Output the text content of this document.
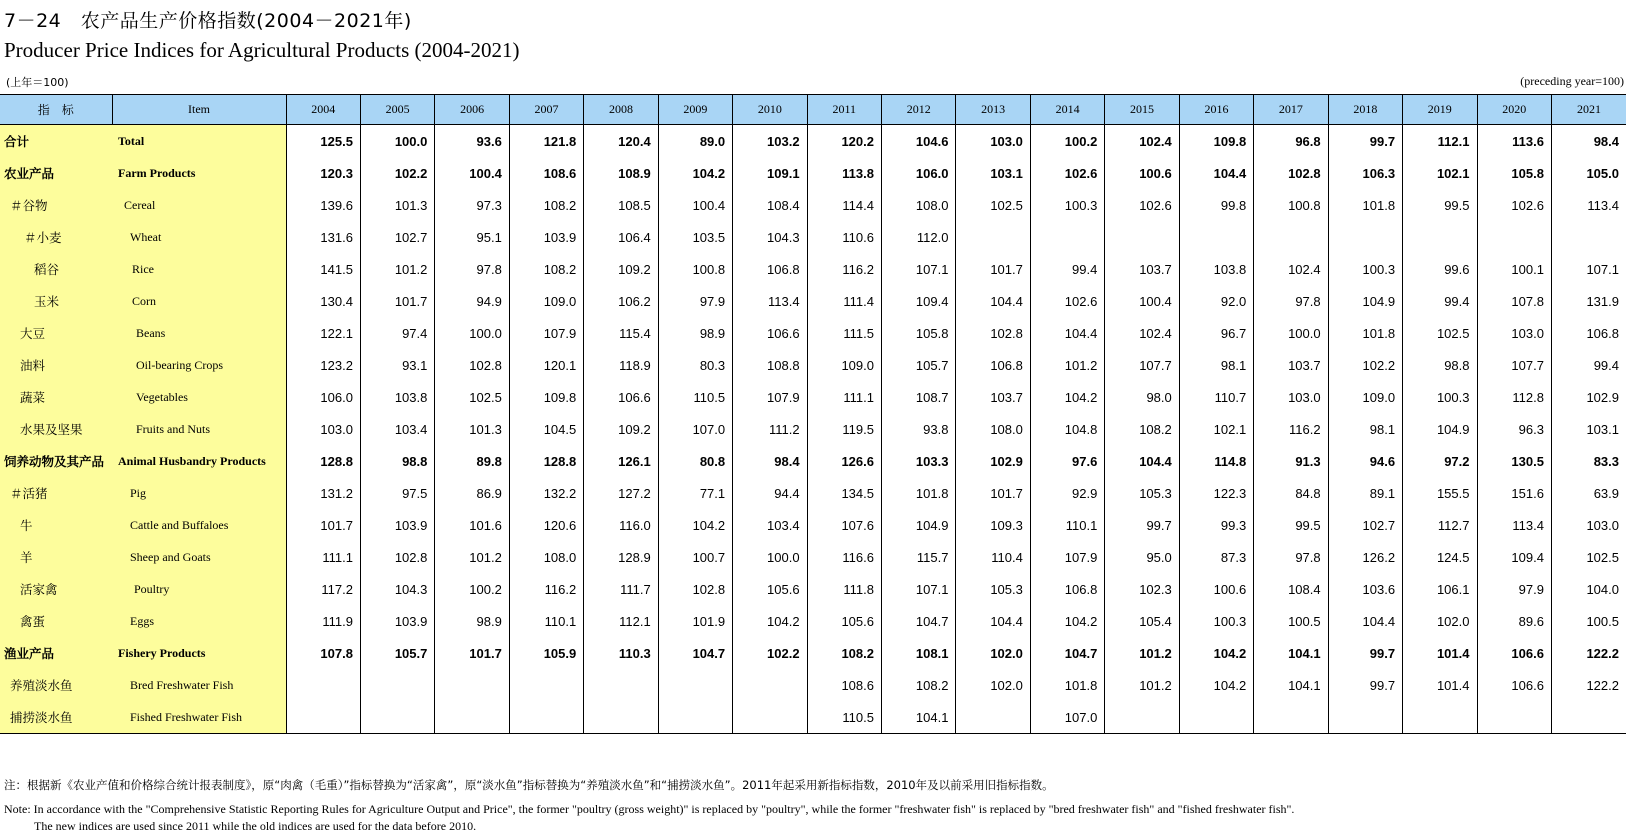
7－24　农产品生产价格指数(2004－2021年)
Producer Price Indices for Agricultural Products (2004-2021)
(上年＝100)	(preceding year=100)
指　标	Item	2004	2005	2006	2007	2008	2009	2010	2011	2012	2013	2014	2015	2016	2017	2018	2019	2020	2021
合计	Total	125.5	100.0	93.6	121.8	120.4	89.0	103.2	120.2	104.6	103.0	100.2	102.4	109.8	96.8	99.7	112.1	113.6	98.4
农业产品	Farm Products	120.3	102.2	100.4	108.6	108.9	104.2	109.1	113.8	106.0	103.1	102.6	100.6	104.4	102.8	106.3	102.1	105.8	105.0
＃谷物	Cereal	139.6	101.3	97.3	108.2	108.5	100.4	108.4	114.4	108.0	102.5	100.3	102.6	99.8	100.8	101.8	99.5	102.6	113.4
＃小麦	Wheat	131.6	102.7	95.1	103.9	106.4	103.5	104.3	110.6	112.0									
稻谷	Rice	141.5	101.2	97.8	108.2	109.2	100.8	106.8	116.2	107.1	101.7	99.4	103.7	103.8	102.4	100.3	99.6	100.1	107.1
玉米	Corn	130.4	101.7	94.9	109.0	106.2	97.9	113.4	111.4	109.4	104.4	102.6	100.4	92.0	97.8	104.9	99.4	107.8	131.9
大豆	Beans	122.1	97.4	100.0	107.9	115.4	98.9	106.6	111.5	105.8	102.8	104.4	102.4	96.7	100.0	101.8	102.5	103.0	106.8
油料	Oil-bearing Crops	123.2	93.1	102.8	120.1	118.9	80.3	108.8	109.0	105.7	106.8	101.2	107.7	98.1	103.7	102.2	98.8	107.7	99.4
蔬菜	Vegetables	106.0	103.8	102.5	109.8	106.6	110.5	107.9	111.1	108.7	103.7	104.2	98.0	110.7	103.0	109.0	100.3	112.8	102.9
水果及坚果	Fruits and Nuts	103.0	103.4	101.3	104.5	109.2	107.0	111.2	119.5	93.8	108.0	104.8	108.2	102.1	116.2	98.1	104.9	96.3	103.1
饲养动物及其产品	Animal Husbandry Products	128.8	98.8	89.8	128.8	126.1	80.8	98.4	126.6	103.3	102.9	97.6	104.4	114.8	91.3	94.6	97.2	130.5	83.3
＃活猪	Pig	131.2	97.5	86.9	132.2	127.2	77.1	94.4	134.5	101.8	101.7	92.9	105.3	122.3	84.8	89.1	155.5	151.6	63.9
牛	Cattle and Buffaloes	101.7	103.9	101.6	120.6	116.0	104.2	103.4	107.6	104.9	109.3	110.1	99.7	99.3	99.5	102.7	112.7	113.4	103.0
羊	Sheep and Goats	111.1	102.8	101.2	108.0	128.9	100.7	100.0	116.6	115.7	110.4	107.9	95.0	87.3	97.8	126.2	124.5	109.4	102.5
活家禽	Poultry	117.2	104.3	100.2	116.2	111.7	102.8	105.6	111.8	107.1	105.3	106.8	102.3	100.6	108.4	103.6	106.1	97.9	104.0
禽蛋	Eggs	111.9	103.9	98.9	110.1	112.1	101.9	104.2	105.6	104.7	104.4	104.2	105.4	100.3	100.5	104.4	102.0	89.6	100.5
渔业产品	Fishery Products	107.8	105.7	101.7	105.9	110.3	104.7	102.2	108.2	108.1	102.0	104.7	101.2	104.2	104.1	99.7	101.4	106.6	122.2
养殖淡水鱼	Bred Freshwater Fish								108.6	108.2	102.0	101.8	101.2	104.2	104.1	99.7	101.4	106.6	122.2
捕捞淡水鱼	Fished Freshwater Fish								110.5	104.1		107.0							
注：根据新《农业产值和价格综合统计报表制度》，原“肉禽（毛重）”指标替换为“活家禽”，原“淡水鱼”指标替换为“养殖淡水鱼”和“捕捞淡水鱼”。2011年起采用新指标指数，2010年及以前采用旧指标指数。
Note: In accordance with the "Comprehensive Statistic Reporting Rules for Agriculture Output and Price", the former "poultry (gross weight)" is replaced by "poultry", while the former "freshwater fish" is replaced by "bred freshwater fish" and "fished freshwater fish".
The new indices are used since 2011 while the old indices are used for the data before 2010.
